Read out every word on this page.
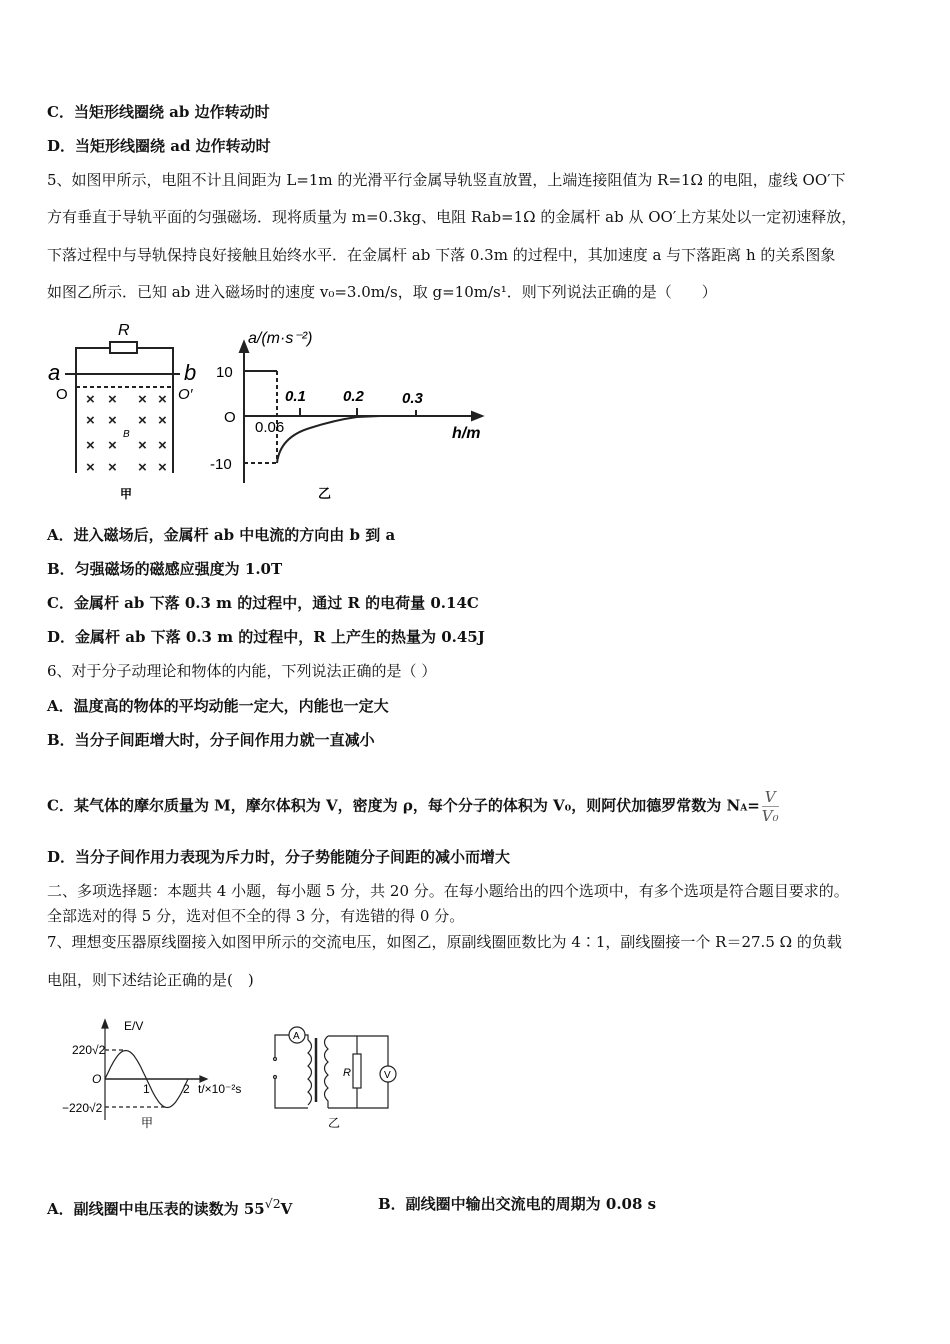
C．当矩形线圈绕 ab 边作转动时
D．当矩形线圈绕 ad 边作转动时
5、如图甲所示，电阻不计且间距为 L=1m 的光滑平行金属导轨竖直放置，上端连接阻值为 R=1Ω 的电阻，虚线 OO′下
方有垂直于导轨平面的匀强磁场．现将质量为 m=0.3kg、电阻 Rab=1Ω 的金属杆 ab 从 OO′上方某处以一定初速释放，
下落过程中与导轨保持良好接触且始终水平．在金属杆 ab 下落 0.3m 的过程中，其加速度 a 与下落距离 h 的关系图象
如图乙所示．已知 ab 进入磁场时的速度 v₀=3.0m/s，取 g=10m/s¹．则下列说法正确的是（　　）
× × × ×
× × × ×
× × × ×
× × × ×
B
R
a	b
O	O′
甲
a/(m·s⁻²)
h/m
O
10
-10
0.06
0.1 0.2	0.3
乙
E/V
220√2
−220√2
O
1	2 t/×10⁻²s
甲
A
V
R
乙
A．进入磁场后，金属杆 ab 中电流的方向由 b 到 a
B．匀强磁场的磁感应强度为 1.0T
C．金属杆 ab 下落 0.3 m 的过程中，通过 R 的电荷量 0.14C
D．金属杆 ab 下落 0.3 m 的过程中，R 上产生的热量为 0.45J
6、对于分子动理论和物体的内能，下列说法正确的是（ ）
A．温度高的物体的平均动能一定大，内能也一定大
B．当分子间距增大时，分子间作用力就一直减小
C．某气体的摩尔质量为 M，摩尔体积为 V，密度为 ρ，每个分子的体积为 V₀，则阿伏加德罗常数为 $NA= \frac{V}{\text{V₀}}$
D．当分子间作用力表现为斥力时，分子势能随分子间距的减小而增大
二、多项选择题：本题共 4 小题，每小题 5 分，共 20 分。在每小题给出的四个选项中，有多个选项是符合题目要求的。
全部选对的得 5 分，选对但不全的得 3 分，有选错的得 0 分。
7、理想变压器原线圈接入如图甲所示的交流电压，如图乙，原副线圈匝数比为 4∶1，副线圈接一个 R＝27.5 Ω 的负载
电阻，则下述结论正确的是(　)
A．副线圈中电压表的读数为 $55^{√2}V$	B．副线圈中输出交流电的周期为 0.08 s
